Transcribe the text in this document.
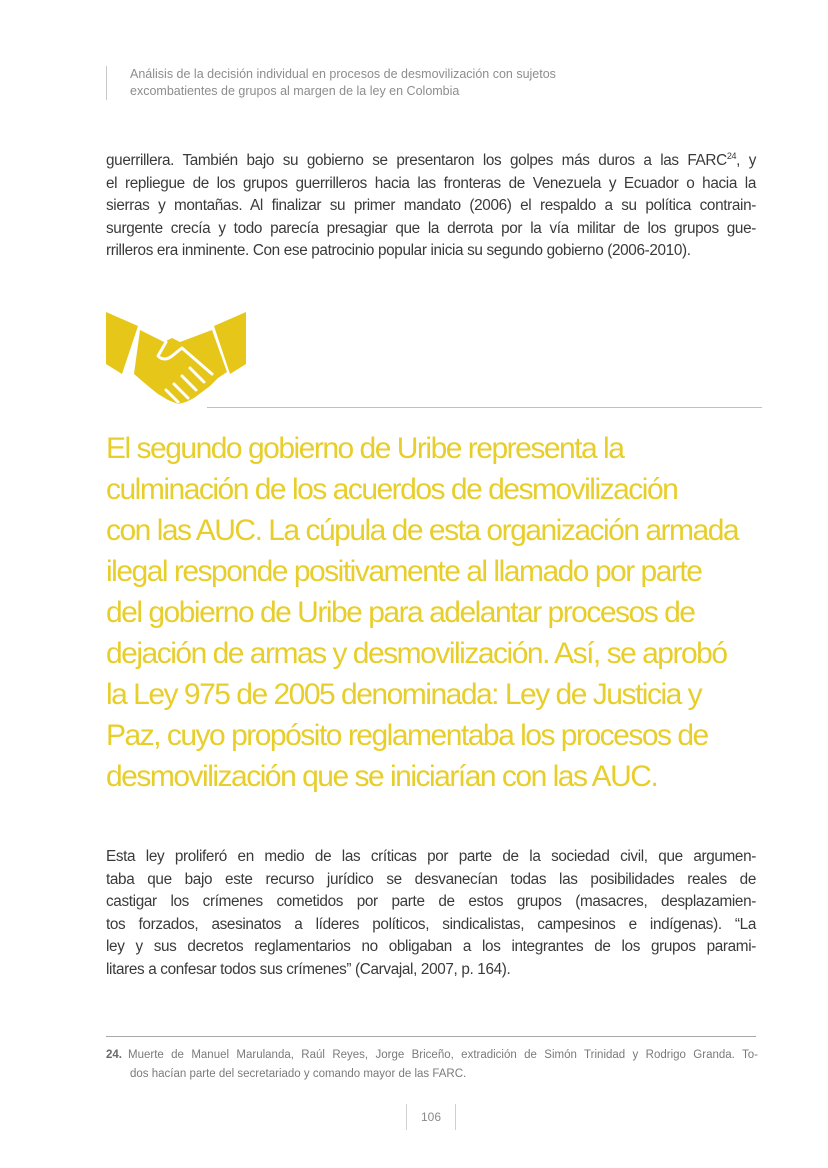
Análisis de la decisión individual en procesos de desmovilización con sujetos
excombatientes de grupos al margen de la ley en Colombia
guerrillera. También bajo su gobierno se presentaron los golpes más duros a las FARC$^{24}$, y
el repliegue de los grupos guerrilleros hacia las fronteras de Venezuela y Ecuador o hacia la
sierras y montañas. Al finalizar su primer mandato (2006) el respaldo a su política contrain-
surgente crecía y todo parecía presagiar que la derrota por la vía militar de los grupos gue-
rrilleros era inminente. Con ese patrocinio popular inicia su segundo gobierno (2006-2010).
El segundo gobierno de Uribe representa la
culminación de los acuerdos de desmovilización
con las AUC. La cúpula de esta organización armada
ilegal responde positivamente al llamado por parte
del gobierno de Uribe para adelantar procesos de
dejación de armas y desmovilización. Así, se aprobó
la Ley 975 de 2005 denominada: Ley de Justicia y
Paz, cuyo propósito reglamentaba los procesos de
desmovilización que se iniciarían con las AUC.
Esta ley proliferó en medio de las críticas por parte de la sociedad civil, que argumen-
taba que bajo este recurso jurídico se desvanecían todas las posibilidades reales de
castigar los crímenes cometidos por parte de estos grupos (masacres, desplazamien-
tos forzados, asesinatos a líderes políticos, sindicalistas, campesinos e indígenas). “La
ley y sus decretos reglamentarios no obligaban a los integrantes de los grupos parami-
litares a confesar todos sus crímenes” (Carvajal, 2007, p. 164).
24. Muerte de Manuel Marulanda, Raúl Reyes, Jorge Briceño, extradición de Simón Trinidad y Rodrigo Granda. To-
dos hacían parte del secretariado y comando mayor de las FARC.
106
